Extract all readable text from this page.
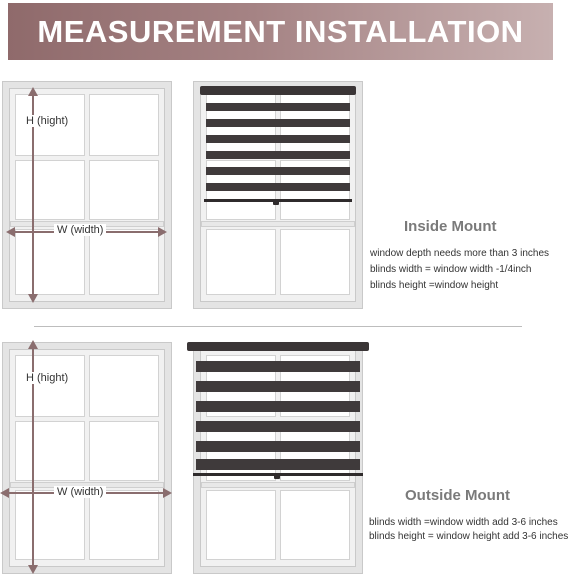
MEASUREMENT INSTALLATION
H (hight)
W (width)	Inside Mount
window depth needs more than 3 inches
blinds width = window width -1/4inch
blinds height =window height
H (hight)
W (width)	Outside Mount
blinds width =window width add 3-6 inches
blinds height = window height add 3-6 inches
